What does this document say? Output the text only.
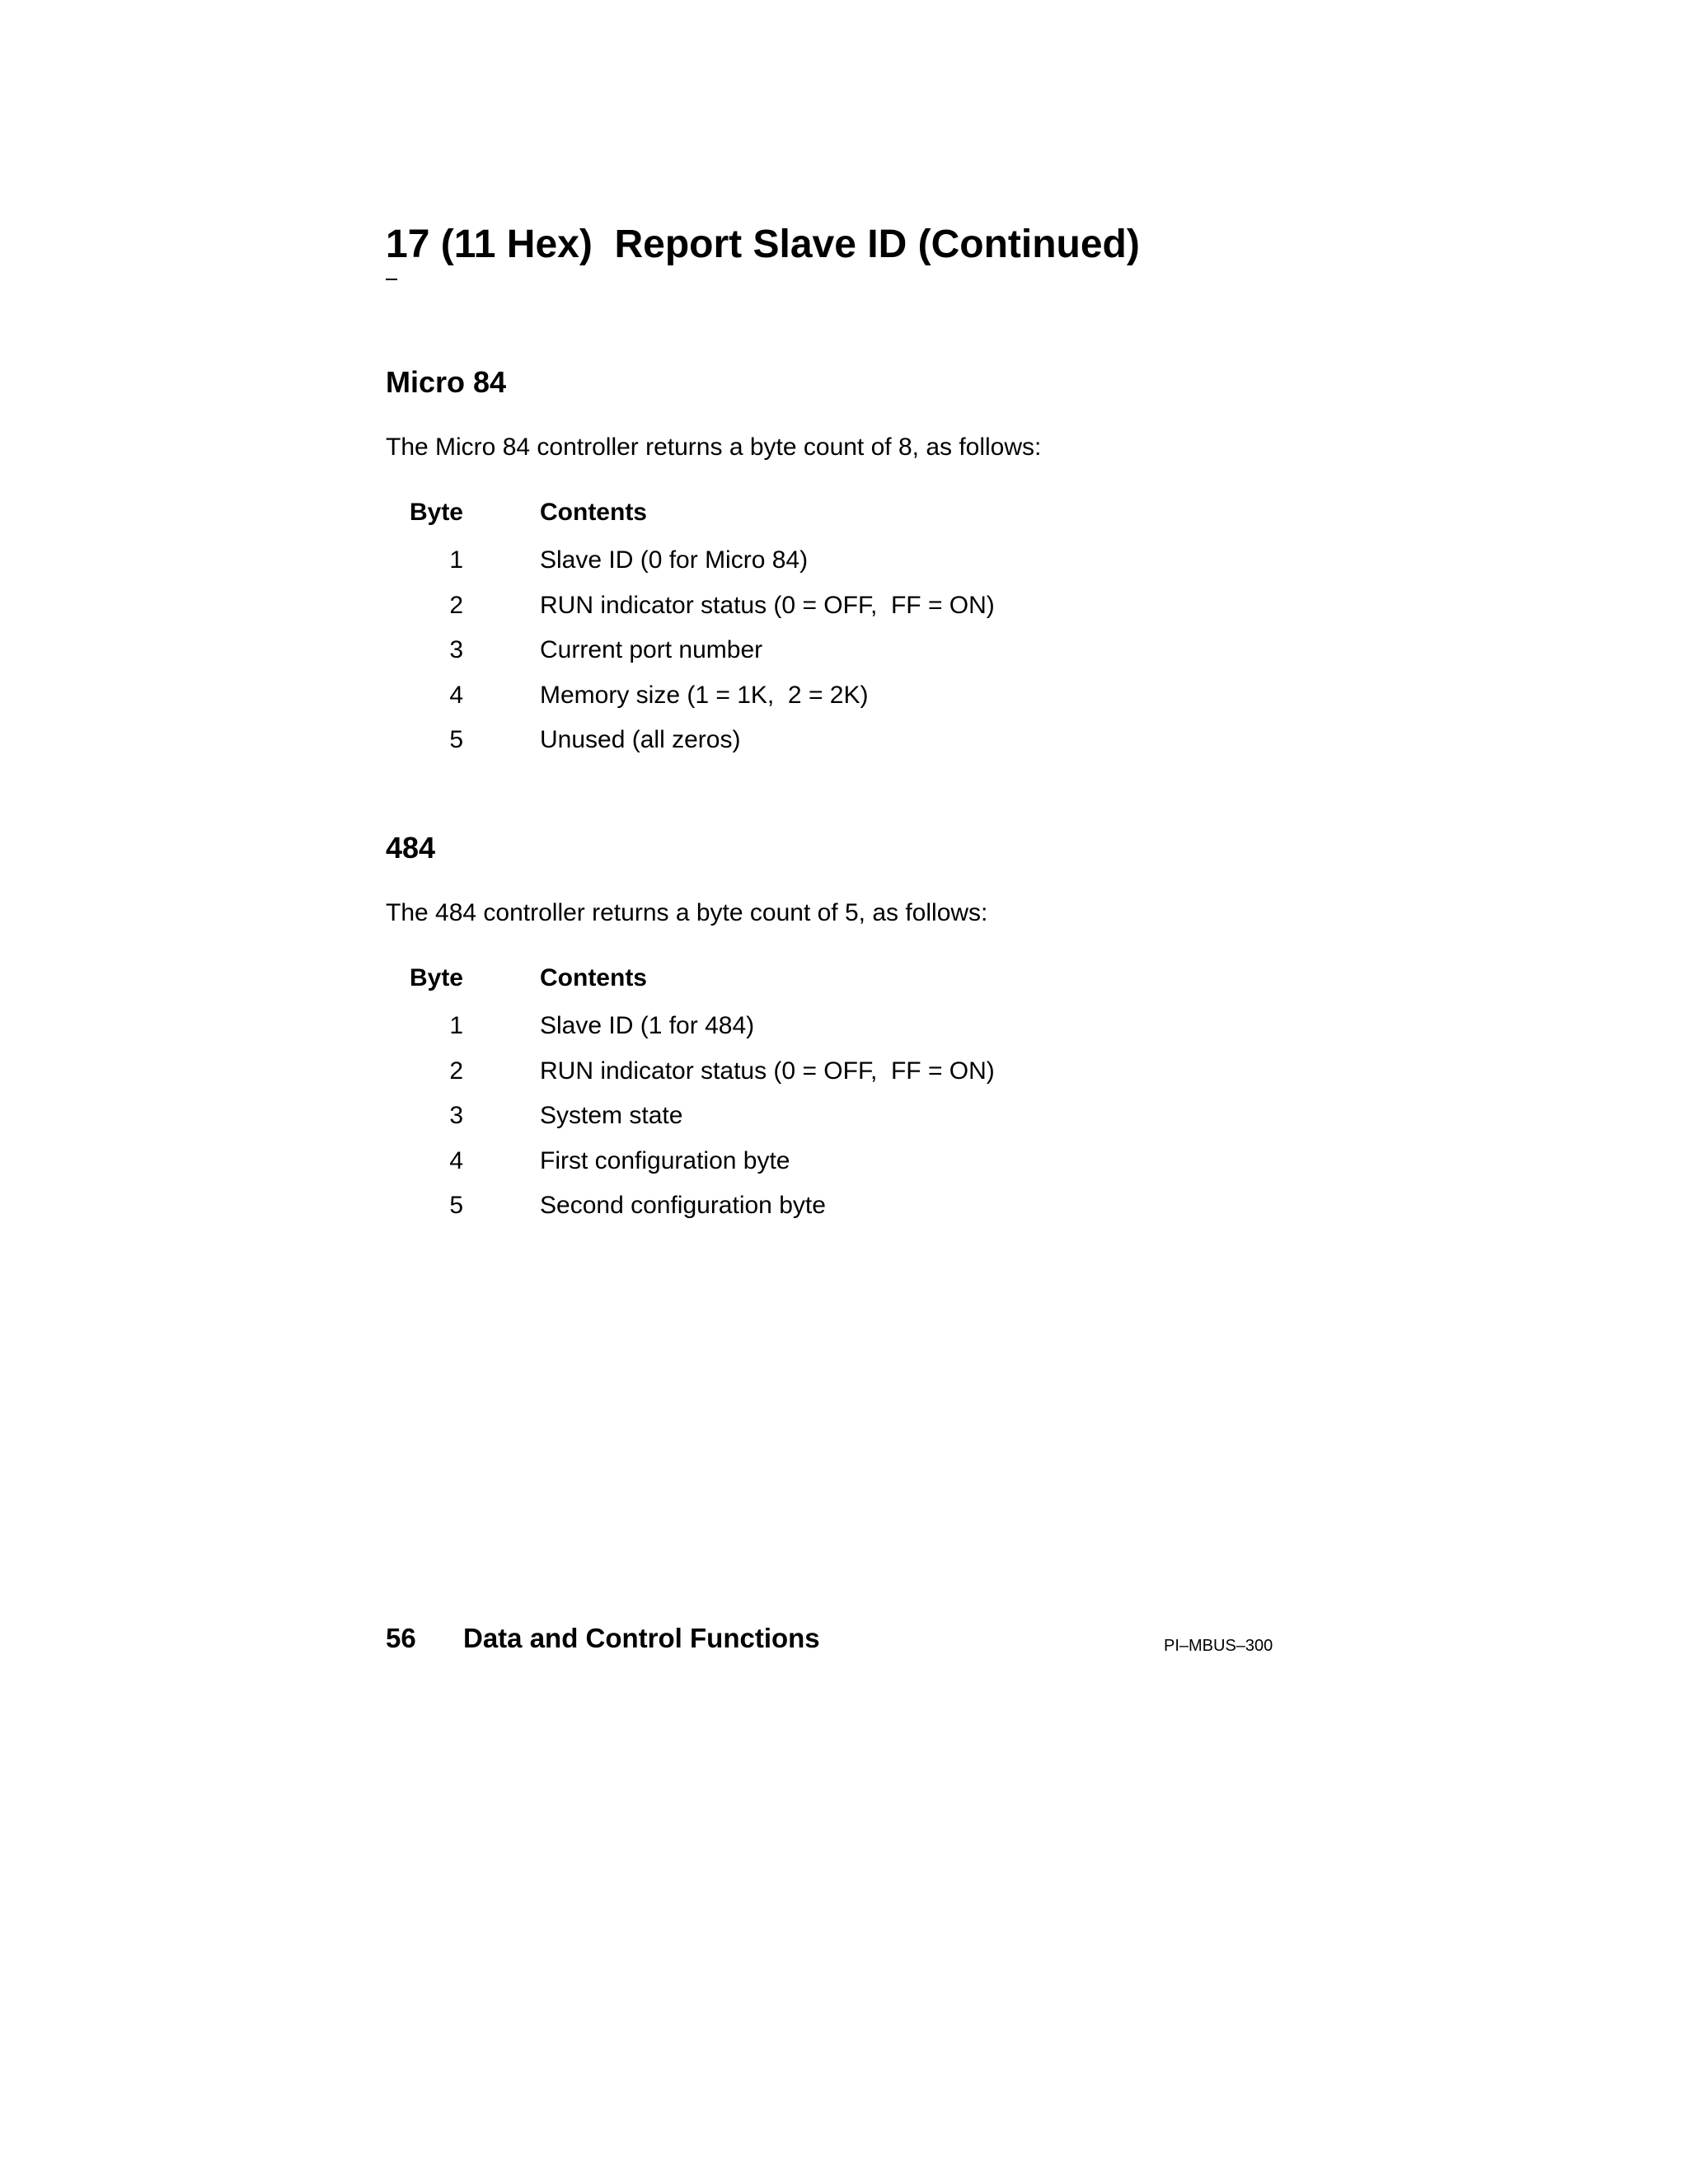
17 (11 Hex)  Report Slave ID (Continued)
Micro 84

The Micro 84 controller returns a byte count of 8, as follows:

Byte	Contents
1	Slave ID (0 for Micro 84)
2	RUN indicator status (0 = OFF,  FF = ON)
3	Current port number
4	Memory size (1 = 1K,  2 = 2K)
5	Unused (all zeros)
484

The 484 controller returns a byte count of 5, as follows:

Byte	Contents
1	Slave ID (1 for 484)
2	RUN indicator status (0 = OFF,  FF = ON)
3	System state
4	First configuration byte
5	Second configuration byte
56 Data and Control Functions	PI–MBUS–300
